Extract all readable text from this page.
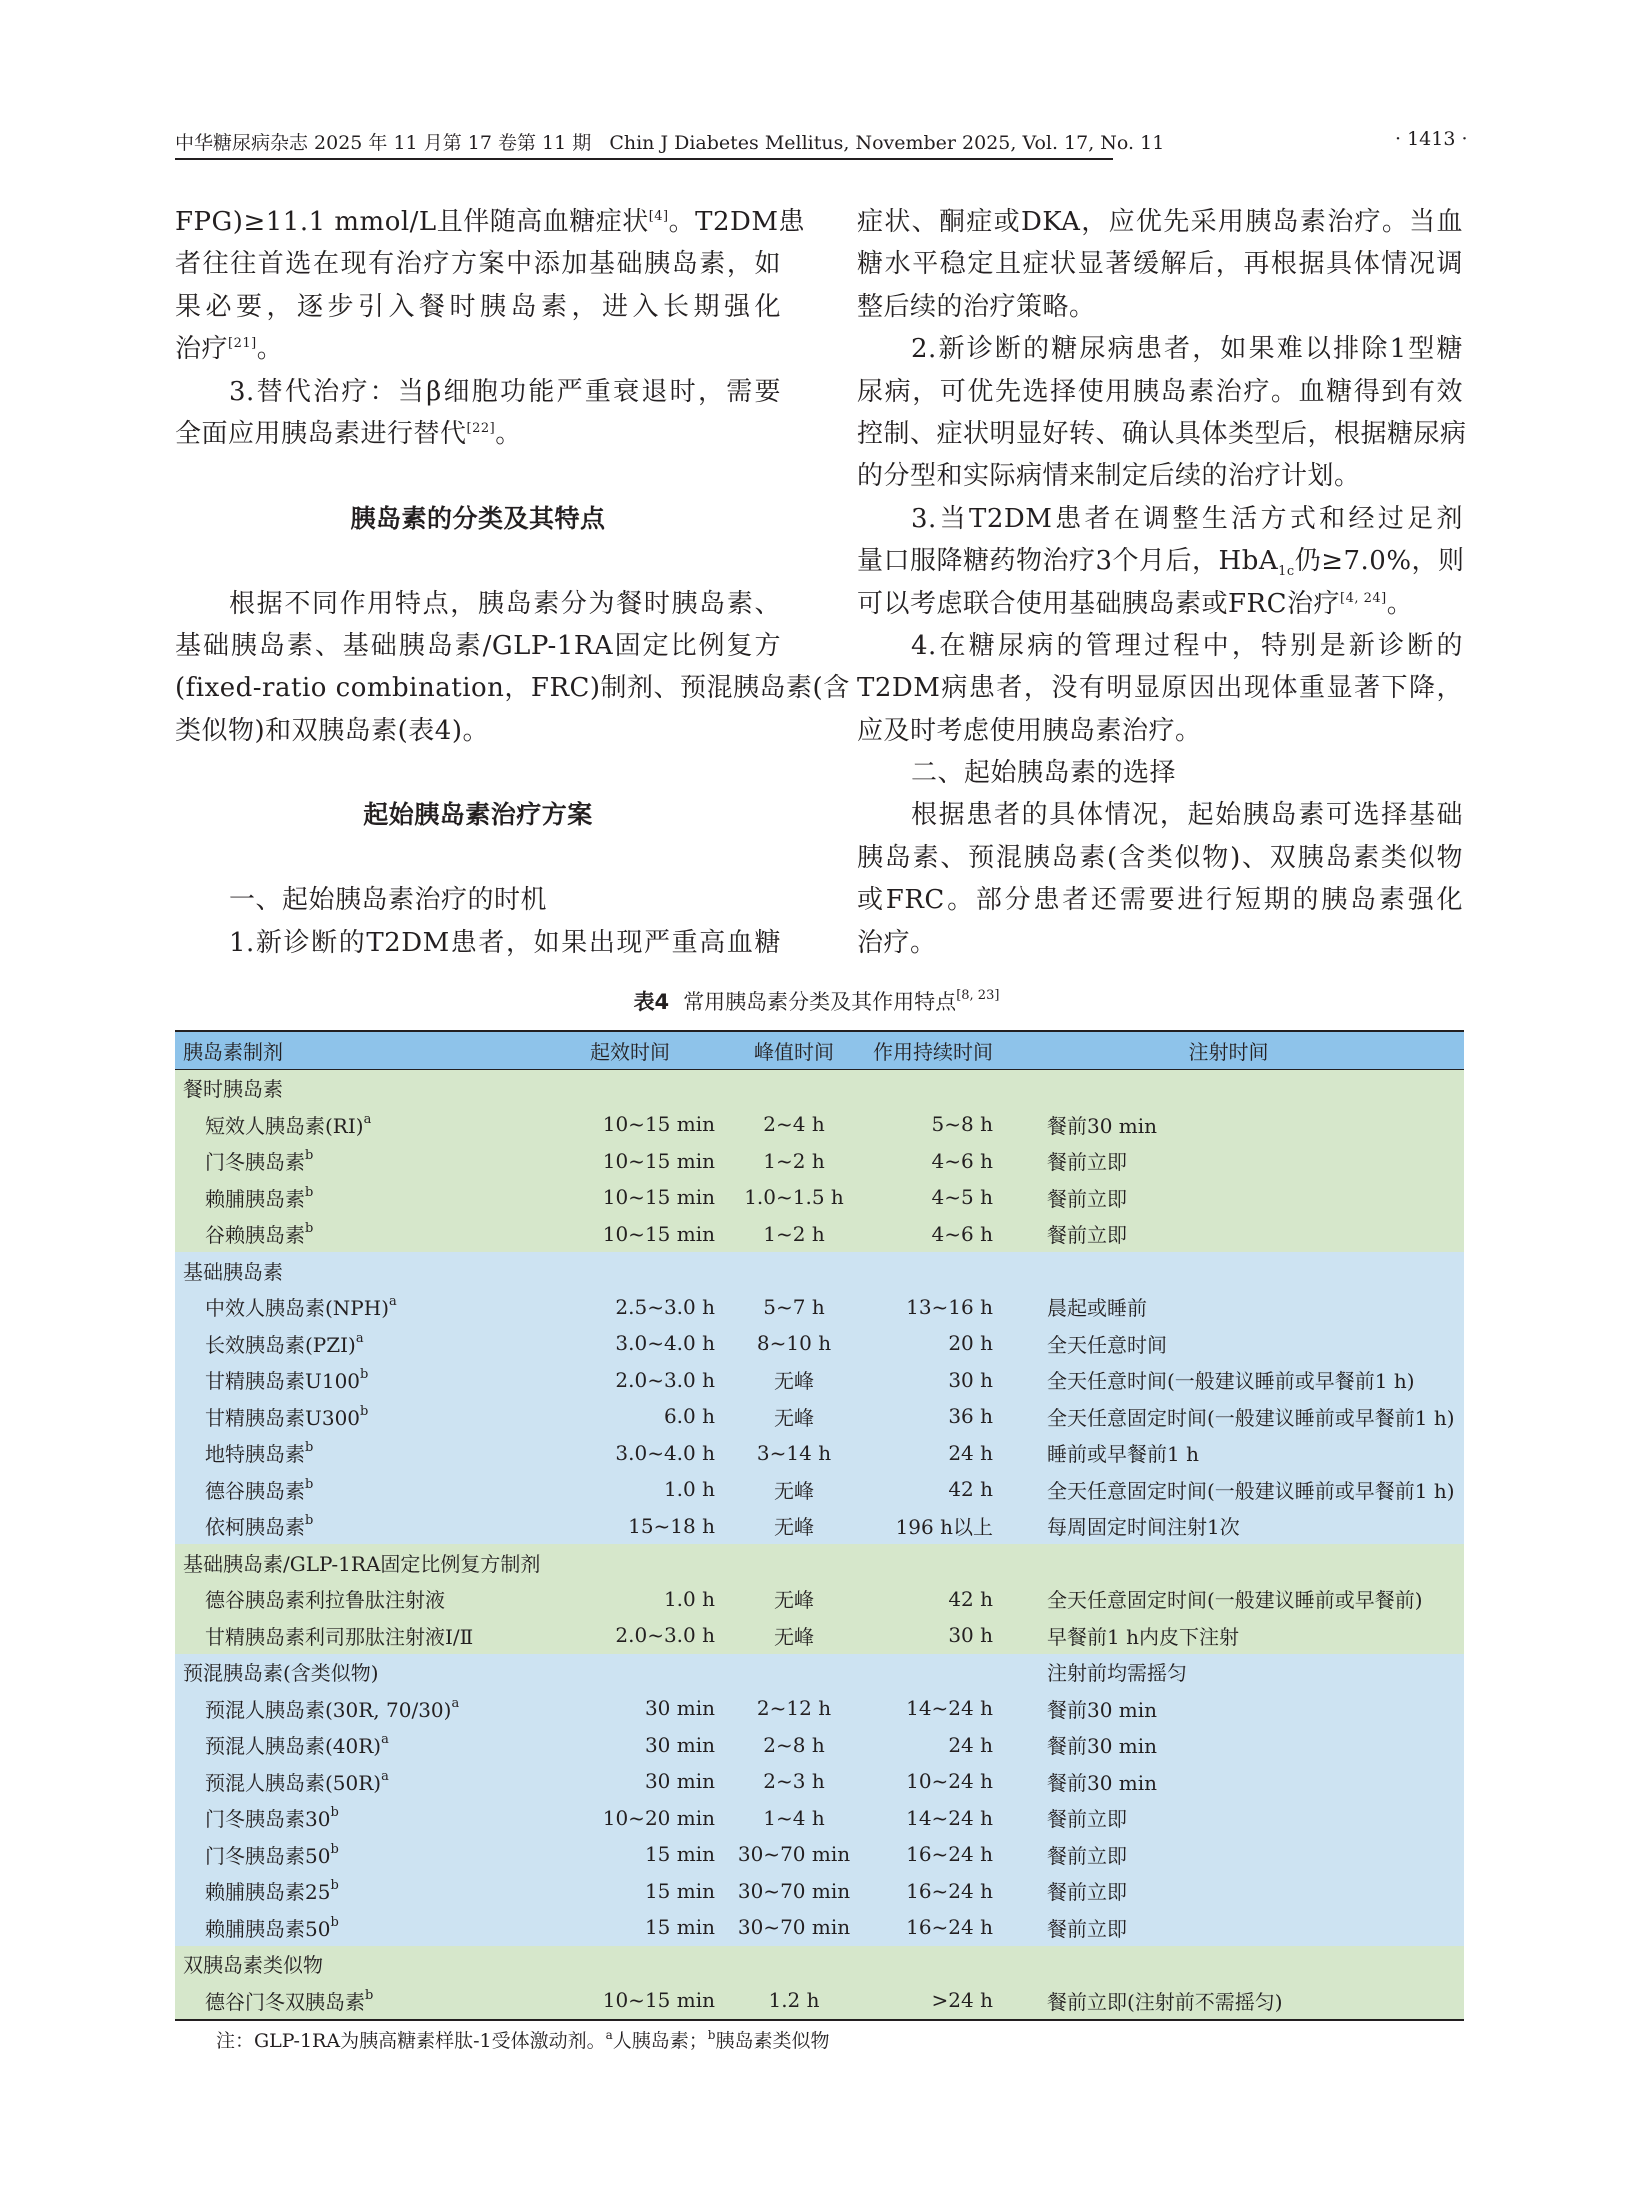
中华糖尿病杂志 2025 年 11 月第 17 卷第 11 期 Chin J Diabetes Mellitus, November 2025, Vol. 17, No. 11	· 1413 ·
FPG)≥11.1 mmol/L且伴随高血糖症状[4]。T2DM患
者往往首选在现有治疗方案中添加基础胰岛素，如
果必要，逐步引入餐时胰岛素，进入长期强化
治疗[21]。
3.替代治疗：当β细胞功能严重衰退时，需要
全面应用胰岛素进行替代[22]。
胰岛素的分类及其特点
根据不同作用特点，胰岛素分为餐时胰岛素、
基础胰岛素、基础胰岛素/GLP-1RA固定比例复方
(fixed-ratio combination，FRC)制剂、预混胰岛素(含
类似物)和双胰岛素(表4)。
起始胰岛素治疗方案
一、起始胰岛素治疗的时机
1.新诊断的T2DM患者，如果出现严重高血糖
症状、酮症或DKA，应优先采用胰岛素治疗。当血
糖水平稳定且症状显著缓解后，再根据具体情况调
整后续的治疗策略。
2.新诊断的糖尿病患者，如果难以排除1型糖
尿病，可优先选择使用胰岛素治疗。血糖得到有效
控制、症状明显好转、确认具体类型后，根据糖尿病
的分型和实际病情来制定后续的治疗计划。
3.当T2DM患者在调整生活方式和经过足剂
量口服降糖药物治疗3个月后，HbA$_{1c}$仍≥7.0%，则
可以考虑联合使用基础胰岛素或FRC治疗[4, 24]。
4.在糖尿病的管理过程中，特别是新诊断的
T2DM病患者，没有明显原因出现体重显著下降，
应及时考虑使用胰岛素治疗。
二、起始胰岛素的选择
根据患者的具体情况，起始胰岛素可选择基础
胰岛素、预混胰岛素(含类似物)、双胰岛素类似物
或FRC。部分患者还需要进行短期的胰岛素强化
治疗。
表4 常用胰岛素分类及其作用特点[8, 23]
胰岛素制剂	起效时间	峰值时间	作用持续时间	注射时间
餐时胰岛素				
短效人胰岛素(RI)$^a$	10~15 min	2~4 h	5~8 h	餐前30 min
门冬胰岛素$^b$	10~15 min	1~2 h	4~6 h	餐前立即
赖脯胰岛素$^b$	10~15 min	1.0~1.5 h	4~5 h	餐前立即
谷赖胰岛素$^b$	10~15 min	1~2 h	4~6 h	餐前立即
基础胰岛素				
中效人胰岛素(NPH)$^a$	2.5~3.0 h	5~7 h	13~16 h	晨起或睡前
长效胰岛素(PZI)$^a$	3.0~4.0 h	8~10 h	20 h	全天任意时间
甘精胰岛素U100$^b$	2.0~3.0 h	无峰	30 h	全天任意时间(一般建议睡前或早餐前1 h)
甘精胰岛素U300$^b$	6.0 h	无峰	36 h	全天任意固定时间(一般建议睡前或早餐前1 h)
地特胰岛素$^b$	3.0~4.0 h	3~14 h	24 h	睡前或早餐前1 h
德谷胰岛素$^b$	1.0 h	无峰	42 h	全天任意固定时间(一般建议睡前或早餐前1 h)
依柯胰岛素$^b$	15~18 h	无峰	196 h以上	每周固定时间注射1次
基础胰岛素/GLP-1RA固定比例复方制剂				
德谷胰岛素利拉鲁肽注射液	1.0 h	无峰	42 h	全天任意固定时间(一般建议睡前或早餐前)
甘精胰岛素利司那肽注射液Ⅰ/Ⅱ	2.0~3.0 h	无峰	30 h	早餐前1 h内皮下注射
预混胰岛素(含类似物)				注射前均需摇匀
预混人胰岛素(30R, 70/30)$^a$	30 min	2~12 h	14~24 h	餐前30 min
预混人胰岛素$(40R)^a$	30 min	2~8 h	24 h	餐前30 min
预混人胰岛素$(50R)^a$	30 min	2~3 h	10~24 h	餐前30 min
门冬胰岛素30$^b$	10~20 min	1~4 h	14~24 h	餐前立即
门冬胰岛素50$^b$	15 min	30~70 min	16~24 h	餐前立即
赖脯胰岛素25$^b$	15 min	30~70 min	16~24 h	餐前立即
赖脯胰岛素50$^b$	15 min	30~70 min	16~24 h	餐前立即
双胰岛素类似物				
德谷门冬双胰岛素$^b$	10~15 min	1.2 h	>24 h	餐前立即(注射前不需摇匀)
注：GLP-1RA为胰高糖素样肽-1受体激动剂。$^a$人胰岛素；$^b$胰岛素类似物
